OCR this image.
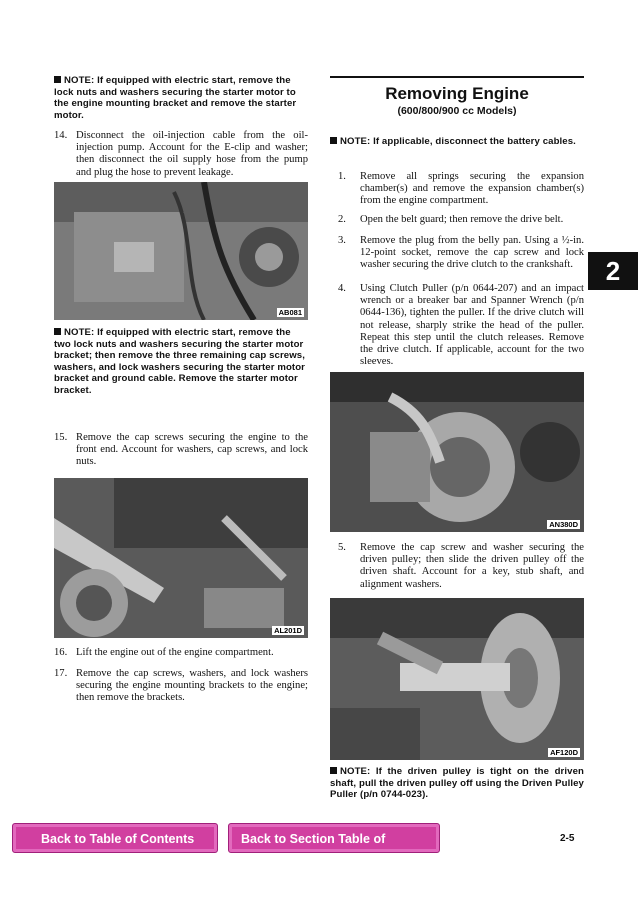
NOTE: If equipped with electric start, remove the lock nuts and washers securing the starter motor to the engine mounting bracket and remove the starter motor.
14. Disconnect the oil-injection cable from the oil-injection pump. Account for the E-clip and washer; then disconnect the oil supply hose from the pump and plug the hose to prevent leakage.
AB081
NOTE: If equipped with electric start, remove the two lock nuts and washers securing the starter motor bracket; then remove the three remaining cap screws, washers, and lock washers securing the starter motor bracket and ground cable. Remove the starter motor bracket.
15. Remove the cap screws securing the engine to the front end. Account for washers, cap screws, and lock nuts.
AL201D
16. Lift the engine out of the engine compartment.
17. Remove the cap screws, washers, and lock washers securing the engine mounting brackets to the engine; then remove the brackets.
Removing Engine
(600/800/900 cc Models)
NOTE: If applicable, disconnect the battery cables.
1.	Remove all springs securing the expansion chamber(s) and remove the expansion chamber(s) from the engine compartment.
2.	Open the belt guard; then remove the drive belt.
3.	Remove the plug from the belly pan. Using a ½-in. 12-point socket, remove the cap screw and lock washer securing the drive clutch to the crankshaft.
4.	Using Clutch Puller (p/n 0644-207) and an impact wrench or a breaker bar and Spanner Wrench (p/n 0644-136), tighten the puller. If the drive clutch will not release, sharply strike the head of the puller. Repeat this step until the clutch releases. Remove the drive clutch. If applicable, account for the two sleeves.
AN380D
5.	Remove the cap screw and washer securing the driven pulley; then slide the driven pulley off the driven shaft. Account for a key, stub shaft, and alignment washers.
AF120D
NOTE: If the driven pulley is tight on the driven shaft, pull the driven pulley off using the Driven Pulley Puller (p/n 0744-023).
2
Back to Table of Contents	Back to Section Table of Contents
2-5
